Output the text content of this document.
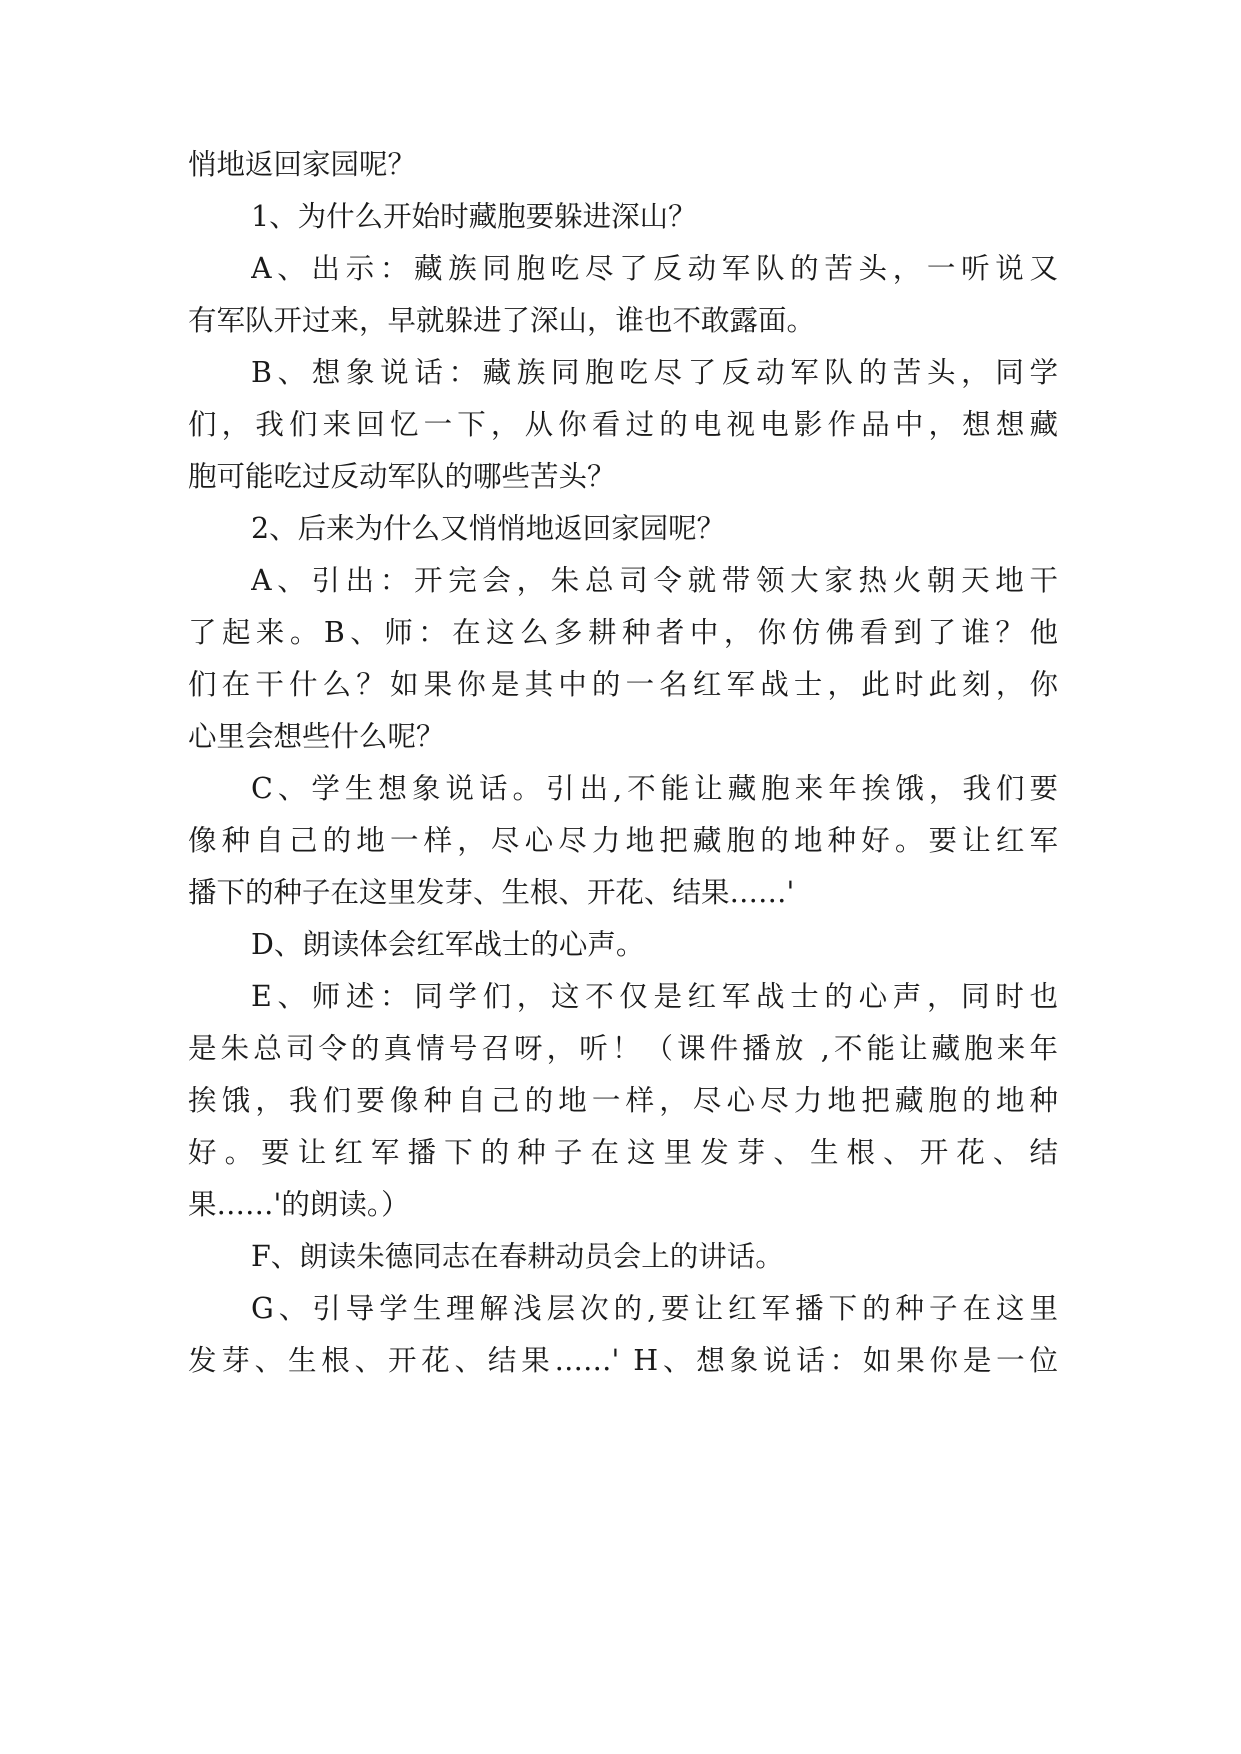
悄地返回家园呢？
1、为什么开始时藏胞要躲进深山？
A、出示：藏族同胞吃尽了反动军队的苦头，一听说又
有军队开过来，早就躲进了深山，谁也不敢露面。
B、想象说话：藏族同胞吃尽了反动军队的苦头，同学
们，我们来回忆一下，从你看过的电视电影作品中，想想藏
胞可能吃过反动军队的哪些苦头？
2、后来为什么又悄悄地返回家园呢？
A、引出：开完会，朱总司令就带领大家热火朝天地干
了起来。B、师：在这么多耕种者中，你仿佛看到了谁？他
们在干什么？如果你是其中的一名红军战士，此时此刻，你
心里会想些什么呢？
C、学生想象说话。引出,不能让藏胞来年挨饿，我们要
像种自己的地一样，尽心尽力地把藏胞的地种好。要让红军
播下的种子在这里发芽、生根、开花、结果……'
D、朗读体会红军战士的心声。
E、师述：同学们，这不仅是红军战士的心声，同时也
是朱总司令的真情号召呀，听！（课件播放 ,不能让藏胞来年
挨饿，我们要像种自己的地一样，尽心尽力地把藏胞的地种
好。要让红军播下的种子在这里发芽、生根、开花、结
果……'的朗读。）
F、朗读朱德同志在春耕动员会上的讲话。
G、引导学生理解浅层次的,要让红军播下的种子在这里
发芽、生根、开花、结果……' H、想象说话：如果你是一位
